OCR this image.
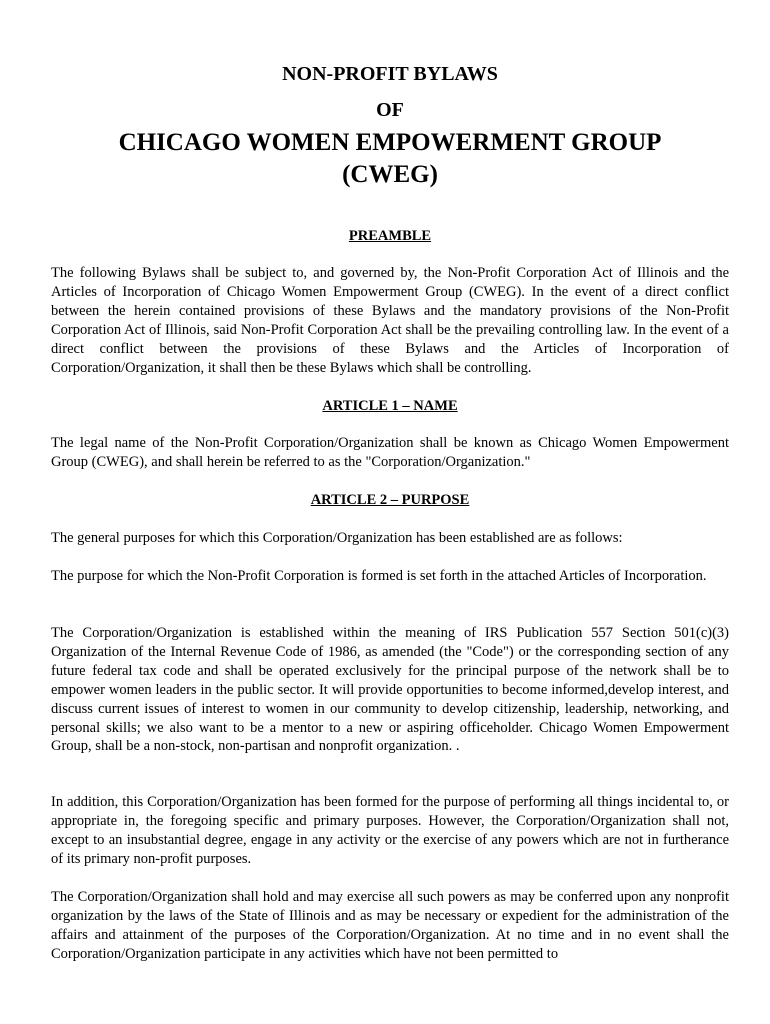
NON-PROFIT BYLAWS

OF

CHICAGO WOMEN EMPOWERMENT GROUP

(CWEG)

PREAMBLE

The following Bylaws shall be subject to, and governed by, the Non-Profit Corporation Act of Illinois and the Articles of Incorporation of Chicago Women Empowerment Group (CWEG). In the event of a direct conflict between the herein contained provisions of these Bylaws and the mandatory provisions of the Non-Profit Corporation Act of Illinois, said Non-Profit Corporation Act shall be the prevailing controlling law. In the event of a direct conflict between the provisions of these Bylaws and the Articles of Incorporation of Corporation/Organization, it shall then be these Bylaws which shall be controlling.

ARTICLE 1 – NAME

The legal name of the Non-Profit Corporation/Organization shall be known as Chicago Women Empowerment Group (CWEG), and shall herein be referred to as the "Corporation/Organization."

ARTICLE 2 – PURPOSE

The general purposes for which this Corporation/Organization has been established are as follows:

The purpose for which the Non-Profit Corporation is formed is set forth in the attached Articles of Incorporation.

The Corporation/Organization is established within the meaning of IRS Publication 557 Section 501(c)(3) Organization of the Internal Revenue Code of 1986, as amended (the "Code") or the corresponding section of any future federal tax code and shall be operated exclusively for the principal purpose of the network shall be to empower women leaders in the public sector. It will provide opportunities to become informed,develop interest, and discuss current issues of interest to women in our community to develop citizenship, leadership, networking, and personal skills; we also want to be a mentor to a new or aspiring officeholder. Chicago Women Empowerment Group, shall be a non-stock, non-partisan and nonprofit organization. .

In addition, this Corporation/Organization has been formed for the purpose of performing all things incidental to, or appropriate in, the foregoing specific and primary purposes. However, the Corporation/Organization shall not, except to an insubstantial degree, engage in any activity or the exercise of any powers which are not in furtherance of its primary non-profit purposes.

The Corporation/Organization shall hold and may exercise all such powers as may be conferred upon any nonprofit organization by the laws of the State of Illinois and as may be necessary or expedient for the administration of the affairs and attainment of the purposes of the Corporation/Organization. At no time and in no event shall the Corporation/Organization participate in any activities which have not been permitted to
